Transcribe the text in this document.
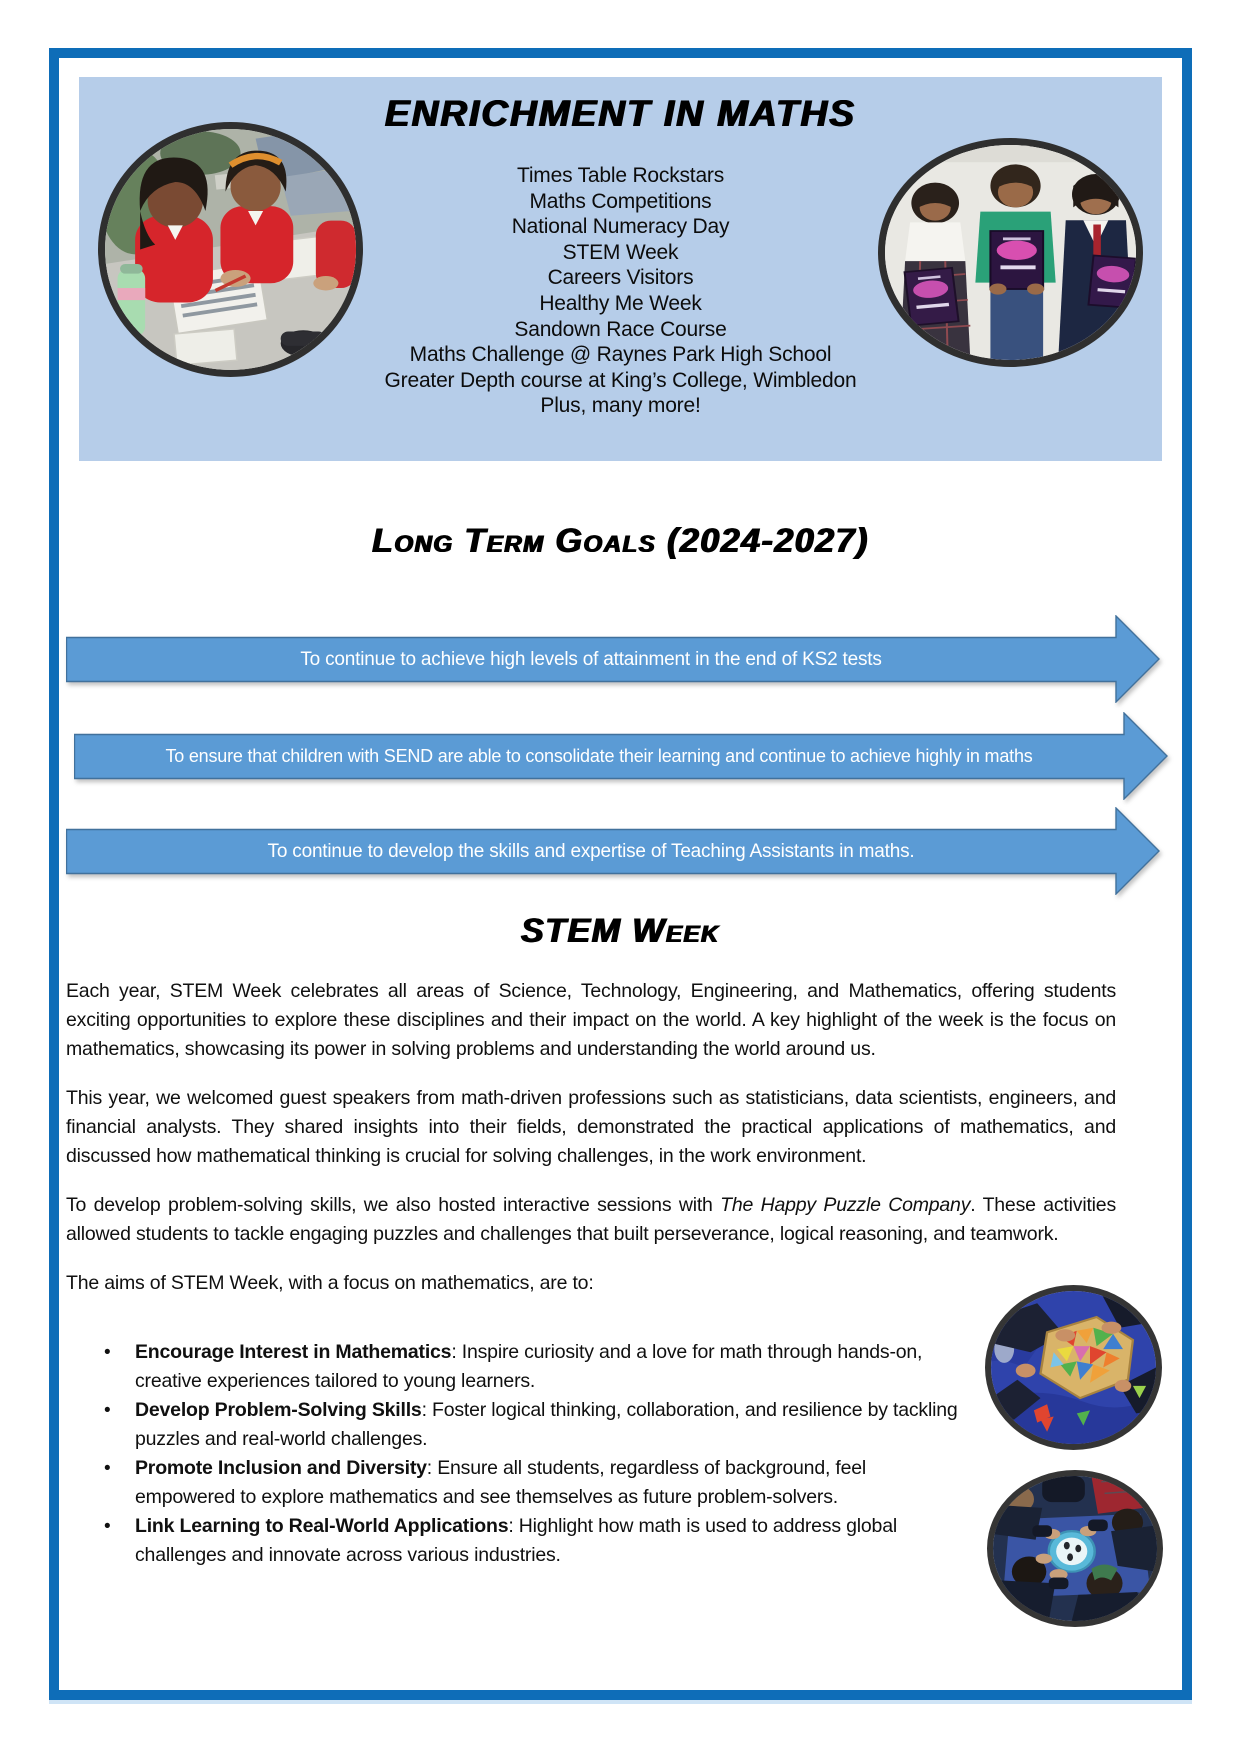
ENRICHMENT IN MATHS
Times Table Rockstars
Maths Competitions
National Numeracy Day
STEM Week
Careers Visitors
Healthy Me Week
Sandown Race Course
Maths Challenge @ Raynes Park High School
Greater Depth course at King’s College, Wimbledon
Plus, many more!
Long Term Goals (2024-2027)
To continue to achieve high levels of attainment in the end of KS2 tests
To ensure that children with SEND are able to consolidate their learning and continue to achieve highly in maths
To continue to develop the skills and expertise of Teaching Assistants in maths.
STEM Week

Each year, STEM Week celebrates all areas of Science, Technology, Engineering, and Mathematics, offering students exciting opportunities to explore these disciplines and their impact on the world. A key highlight of the week is the focus on mathematics, showcasing its power in solving problems and understanding the world around us.

This year, we welcomed guest speakers from math-driven professions such as statisticians, data scientists, engineers, and financial analysts. They shared insights into their fields, demonstrated the practical applications of mathematics, and discussed how mathematical thinking is crucial for solving challenges, in the work environment.

To develop problem-solving skills, we also hosted interactive sessions with The Happy Puzzle Company. These activities allowed students to tackle engaging puzzles and challenges that built perseverance, logical reasoning, and teamwork.

The aims of STEM Week, with a focus on mathematics, are to:

• Encourage Interest in Mathematics: Inspire curiosity and a love for math through hands-on, creative experiences tailored to young learners.
• Develop Problem-Solving Skills: Foster logical thinking, collaboration, and resilience by tackling puzzles and real-world challenges.
• Promote Inclusion and Diversity: Ensure all students, regardless of background, feel empowered to explore mathematics and see themselves as future problem-solvers.
• Link Learning to Real-World Applications: Highlight how math is used to address global challenges and innovate across various industries.
